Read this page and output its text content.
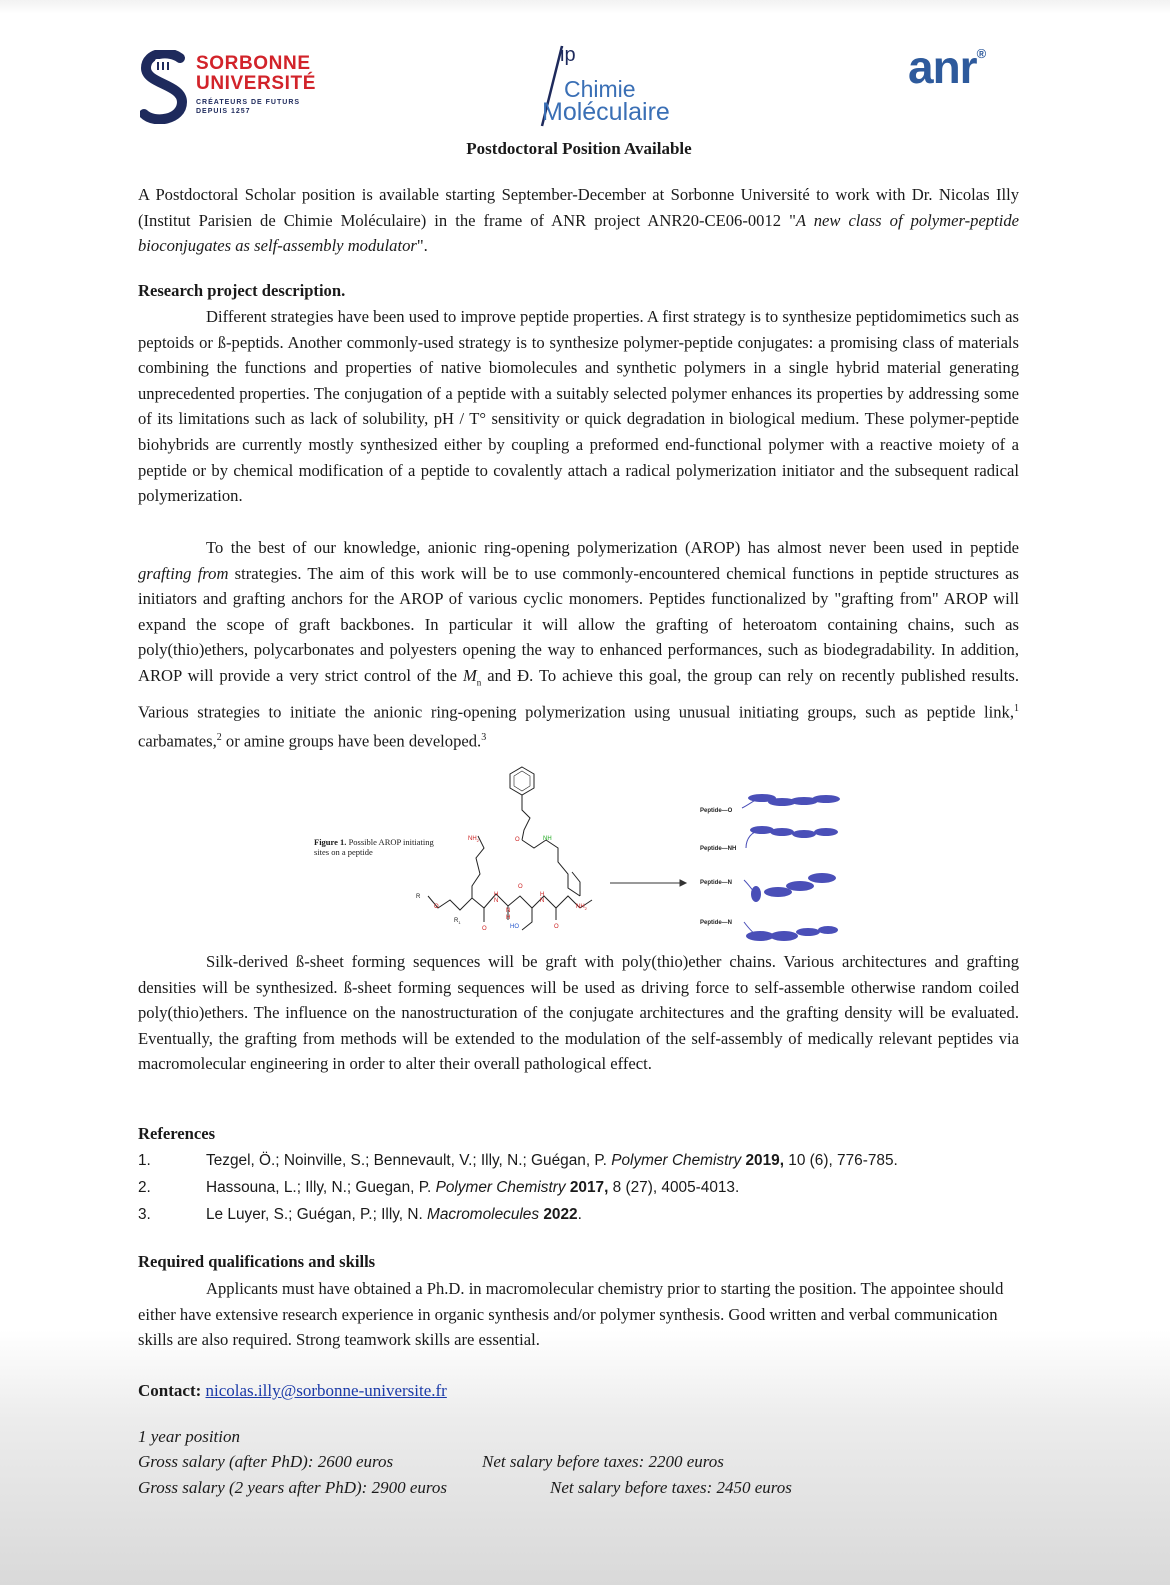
SORBONNE
UNIVERSITÉ
CRÉATEURS DE FUTURS
DEPUIS 1257
ip
Chimie
Moléculaire
anr®
Postdoctoral Position Available
A Postdoctoral Scholar position is available starting September-December at Sorbonne Université to work with Dr. Nicolas Illy (Institut Parisien de Chimie Moléculaire) in the frame of ANR project ANR20-CE06-0012 "A new class of polymer-peptide bioconjugates as self-assembly modulator".
Research project description.
Different strategies have been used to improve peptide properties. A first strategy is to synthesize peptidomimetics such as peptoids or ß-peptids. Another commonly-used strategy is to synthesize polymer-peptide conjugates: a promising class of materials combining the functions and properties of native biomolecules and synthetic polymers in a single hybrid material generating unprecedented properties. The conjugation of a peptide with a suitably selected polymer enhances its properties by addressing some of its limitations such as lack of solubility, pH / T° sensitivity or quick degradation in biological medium. These polymer-peptide biohybrids are currently mostly synthesized either by coupling a preformed end-functional polymer with a reactive moiety of a peptide or by chemical modification of a peptide to covalently attach a radical polymerization initiator and the subsequent radical polymerization.
To the best of our knowledge, anionic ring-opening polymerization (AROP) has almost never been used in peptide grafting from strategies. The aim of this work will be to use commonly-encountered chemical functions in peptide structures as initiators and grafting anchors for the AROP of various cyclic monomers. Peptides functionalized by "grafting from" AROP will expand the scope of graft backbones. In particular it will allow the grafting of heteroatom containing chains, such as poly(thio)ethers, polycarbonates and polyesters opening the way to enhanced performances, such as biodegradability. In addition, AROP will provide a very strict control of the $M_n$ and Đ. To achieve this goal, the group can rely on recently published results. Various strategies to initiate the anionic ring-opening polymerization using unusual initiating groups, such as peptide link,$^1$ carbamates,$^2$ or amine groups have been developed.$^3$
Figure 1. Possible AROP initiating sites on a peptide
$NH_2$	NH
O
R
O
$R_1$
O
N
H
O
N
H
HO	O
N
H
$NH_2$
Peptide—O
Peptide—NH
Peptide—N
Peptide—N
Silk-derived ß-sheet forming sequences will be graft with poly(thio)ether chains. Various architectures and grafting densities will be synthesized. ß-sheet forming sequences will be used as driving force to self-assemble otherwise random coiled poly(thio)ethers. The influence on the nanostructuration of the conjugate architectures and the grafting density will be evaluated. Eventually, the grafting from methods will be extended to the modulation of the self-assembly of medically relevant peptides via macromolecular engineering in order to alter their overall pathological effect.
References
1.	Tezgel, Ö.; Noinville, S.; Bennevault, V.; Illy, N.; Guégan, P. Polymer Chemistry 2019, 10 (6), 776-785.
2.	Hassouna, L.; Illy, N.; Guegan, P. Polymer Chemistry 2017, 8 (27), 4005-4013.
3.	Le Luyer, S.; Guégan, P.; Illy, N. Macromolecules 2022.
Required qualifications and skills
Applicants must have obtained a Ph.D. in macromolecular chemistry prior to starting the position. The appointee should either have extensive research experience in organic synthesis and/or polymer synthesis. Good written and verbal communication skills are also required. Strong teamwork skills are essential.
Contact: nicolas.illy@sorbonne-universite.fr
1 year position
Gross salary (after PhD): 2600 euros	Net salary before taxes: 2200 euros
Gross salary (2 years after PhD): 2900 euros	Net salary before taxes: 2450 euros
